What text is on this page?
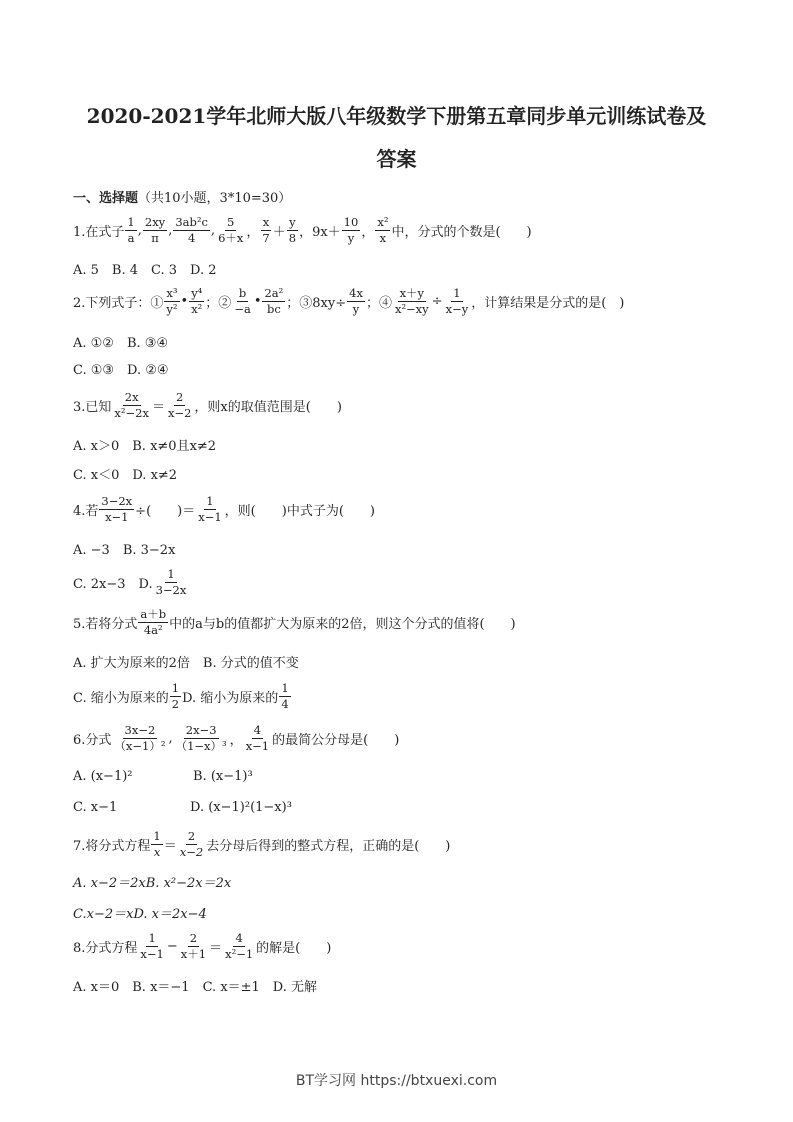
2020-2021学年北师大版八年级数学下册第五章同步单元训练试卷及
答案
一、选择题 （共10小题，3*10=30）
1.在式子 $\frac{1}{a}$ , $\frac{2xy}{\pi}$ , $\frac{\text{3ab²c}}{4}$ , $\frac{5}{6+x}$ ， $\frac{x}{7} + \frac{y}{8}$ ，$9x+ \frac{10}{y}$ ， $\frac{\text{x²}}{x}$ 中，分式的个数是(　　)
A. 5　B. 4　C. 3　D. 2
2.下列式子：① $\frac{\text{x³}}{\text{y²}}$ • $\frac{\text{y⁴}}{\text{x²}}$ ；② $\frac{b}{-a}$ • $\frac{\text{2a²}}{bc}$ ；③8xy÷ $\frac{4x}{y}$ ；④ $\frac{x+y}{\text{x²−xy}} \div \frac{1}{x-y}$ ，计算结果是分式的是(　)
A. ①②　B. ③④
C. ①③　D. ②④
3.已知 $\frac{2x}{\text{x²−2x}} = \frac{2}{x-2}$ ，则x的取值范围是(　　)
A. x＞0　B. x≠0且x≠2
C. x＜0　D. x≠2
4.若 $\frac{3-2x}{x-1}$ ÷(　　)＝ $\frac{1}{x-1}$ ，则(　　)中式子为(　　)
A. −3　B. 3−2x
C. 2x−3　D. $\frac{1}{3-2x}$
5.若将分式 $\frac{a+b}{\text{4a²}}$ 中的a与b的值都扩大为原来的2倍，则这个分式的值将(　　)
A. 扩大为原来的2倍　B. 分式的值不变
C. 缩小为原来的 $\frac{1}{2} D$. 缩小为原来的 $\frac{1}{4}$
6.分式 $\frac{3x-2}{\text{（x−1）²}}$ , $\frac{2x-3}{\text{（1−x）³}}$ ， $\frac{4}{x-1}$ 的最简公分母是(　　)
A. (x−1)²	B. (x−1)³
C. x−1	D. (x−1)²(1−x)³
7.将分式方程 $\frac{1}{x} = \frac{2}{x-2}$ 去分母后得到的整式方程，正确的是(　　)
A. x−2＝2xB. x²−2x＝2x
C.x−2＝xD. x＝2x−4
8.分式方程 $\frac{1}{x-1} - \frac{2}{x+1} = \frac{4}{\text{x²−1}}$ 的解是(　　)
A. x＝0　B. x＝−1　C. x＝±1　D. 无解
BT学习网 https://btxuexi.com
